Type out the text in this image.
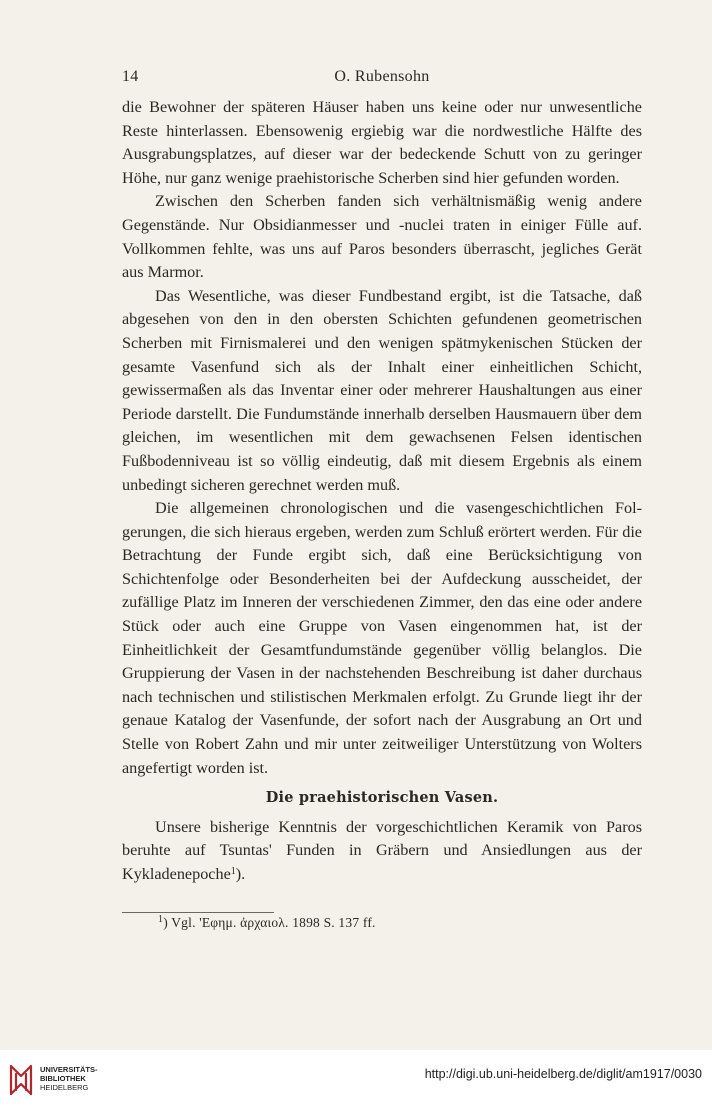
14	O. Rubensohn

die Bewohner der späteren Häuser haben uns keine oder nur unwesentliche Reste hinterlassen. Ebensowenig ergiebig war die nordwestliche Hälfte des Ausgrabungsplatzes, auf dieser war der bedeckende Schutt von zu geringer Höhe, nur ganz wenige praehistorische Scherben sind hier gefunden worden.

Zwischen den Scherben fanden sich verhältnismäßig wenig andere Gegenstände. Nur Obsidianmesser und -nuclei traten in einiger Fülle auf. Vollkommen fehlte, was uns auf Paros besonders überrascht, jegliches Gerät aus Marmor.

Das Wesentliche, was dieser Fundbestand ergibt, ist die Tatsache, daß abgesehen von den in den obersten Schichten gefundenen geometrischen Scherben mit Firnismalerei und den wenigen spätmykenischen Stücken der gesamte Vasenfund sich als der Inhalt einer einheitlichen Schicht, gewissermaßen als das Inventar einer oder mehrerer Haushaltungen aus einer Periode darstellt. Die Fundumstände innerhalb derselben Hausmauern über dem gleichen, im wesentlichen mit dem gewachsenen Felsen identischen Fußbodenniveau ist so völlig eindeutig, daß mit diesem Ergebnis als einem unbedingt sicheren gerechnet werden muß.

Die allgemeinen chronologischen und die vasengeschichtlichen Folgerungen, die sich hieraus ergeben, werden zum Schluß erörtert werden. Für die Betrachtung der Funde ergibt sich, daß eine Berücksichtigung von Schichtenfolge oder Besonderheiten bei der Aufdeckung ausscheidet, der zufällige Platz im Inneren der verschiedenen Zimmer, den das eine oder andere Stück oder auch eine Gruppe von Vasen eingenommen hat, ist der Einheitlichkeit der Gesamtfundumstände gegenüber völlig belanglos. Die Gruppierung der Vasen in der nachstehenden Beschreibung ist daher durchaus nach technischen und stilistischen Merkmalen erfolgt. Zu Grunde liegt ihr der genaue Katalog der Vasenfunde, der sofort nach der Ausgrabung an Ort und Stelle von Robert Zahn und mir unter zeitweiliger Unterstützung von Wolters angefertigt worden ist.

Die praehistorischen Vasen.

Unsere bisherige Kenntnis der vorgeschichtlichen Keramik von Paros beruhte auf Tsuntas' Funden in Gräbern und Ansiedlungen aus der Kykladenepoche$^1$).

$^1$) Vgl. 'Εφημ. ἀρχαιολ. 1898 S. 137 ff.
UNIVERSITÄTS-
BIBLIOTHEK
HEIDELBERG
http://digi.ub.uni-heidelberg.de/diglit/am1917/0030
